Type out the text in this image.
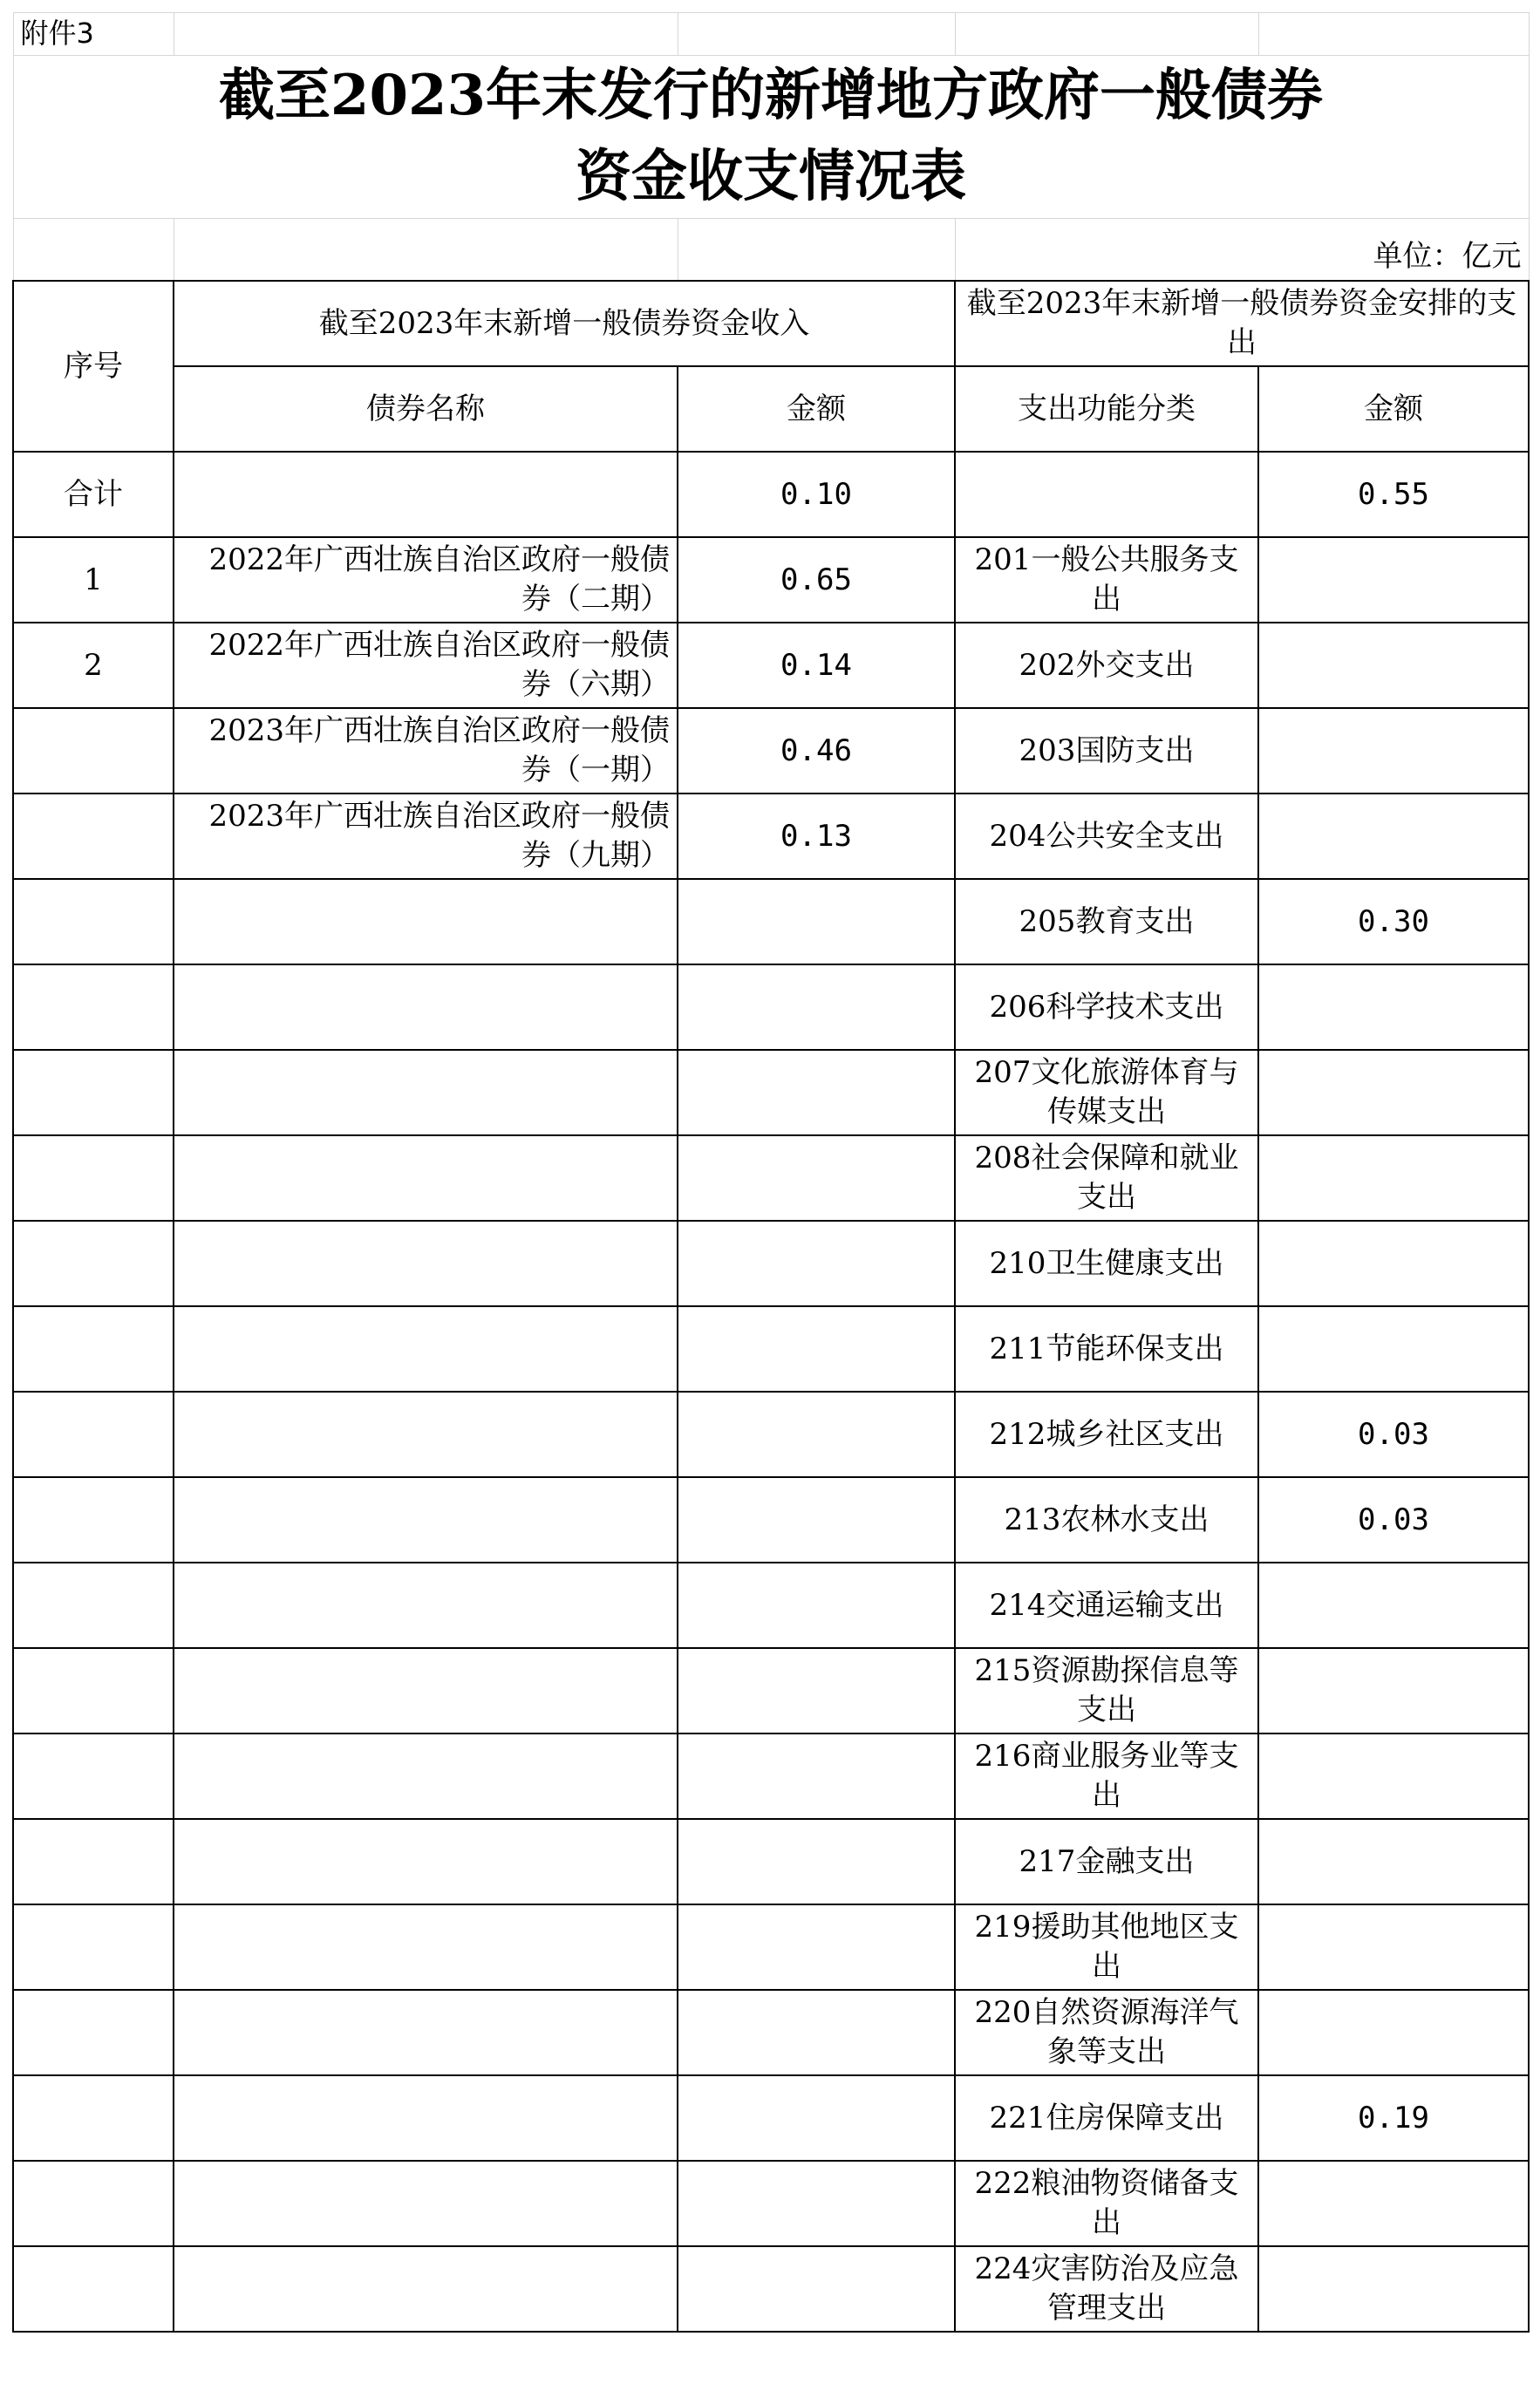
附件3				

截至2023年末发行的新增地方政府一般债券
资金收支情况表				

			单位：亿元	
序号	截至2023年末新增一般债券资金收入		截至2023年末新增一般债券资金安排的支出	
	债券名称	金额	支出功能分类	金额
合计		0.10		0.55
1	2022年广西壮族自治区政府一般债券（二期）	0.65	201一般公共服务支出	
2	2022年广西壮族自治区政府一般债券（六期）	0.14	202外交支出	
	2023年广西壮族自治区政府一般债券（一期）	0.46	203国防支出	
	2023年广西壮族自治区政府一般债券（九期）	0.13	204公共安全支出	
			205教育支出	0.30
			206科学技术支出	
			207文化旅游体育与传媒支出	
			208社会保障和就业支出	
			210卫生健康支出	
			211节能环保支出	
			212城乡社区支出	0.03
			213农林水支出	0.03
			214交通运输支出	
			215资源勘探信息等支出	
			216商业服务业等支出	
			217金融支出	
			219援助其他地区支出	
			220自然资源海洋气象等支出	
			221住房保障支出	0.19
			222粮油物资储备支出	
			224灾害防治及应急管理支出	
